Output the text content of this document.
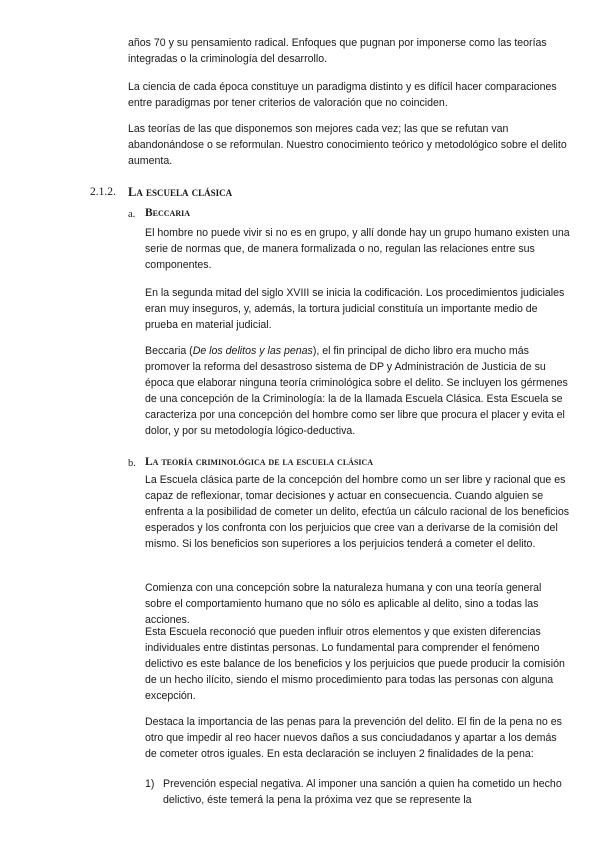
años 70 y su pensamiento radical. Enfoques que pugnan por imponerse como las teorías integradas o la criminología del desarrollo.

La ciencia de cada época constituye un paradigma distinto y es difícil hacer comparaciones entre paradigmas por tener criterios de valoración que no coinciden.

Las teorías de las que disponemos son mejores cada vez; las que se refutan van abandonándose o se reformulan. Nuestro conocimiento teórico y metodológico sobre el delito aumenta.

2.1.2. La escuela clásica
a. Beccaria

El hombre no puede vivir si no es en grupo, y allí donde hay un grupo humano existen una serie de normas que, de manera formalizada o no, regulan las relaciones entre sus componentes.

En la segunda mitad del siglo XVIII se inicia la codificación. Los procedimientos judiciales eran muy inseguros, y, además, la tortura judicial constituía un importante medio de prueba en material judicial.

Beccaria (De los delitos y las penas), el fin principal de dicho libro era mucho más promover la reforma del desastroso sistema de DP y Administración de Justicia de su época que elaborar ninguna teoría criminológica sobre el delito. Se incluyen los gérmenes de una concepción de la Criminología: la de la llamada Escuela Clásica. Esta Escuela se caracteriza por una concepción del hombre como ser libre que procura el placer y evita el dolor, y por su metodología lógico-deductiva.

b. La teoría criminológica de la escuela clásica

La Escuela clásica parte de la concepción del hombre como un ser libre y racional que es capaz de reflexionar, tomar decisiones y actuar en consecuencia. Cuando alguien se enfrenta a la posibilidad de cometer un delito, efectúa un cálculo racional de los beneficios esperados y los confronta con los perjuicios que cree van a derivarse de la comisión del mismo. Si los beneficios son superiores a los perjuicios tenderá a cometer el delito.

Comienza con una concepción sobre la naturaleza humana y con una teoría general sobre el comportamiento humano que no sólo es aplicable al delito, sino a todas las acciones.

Esta Escuela reconoció que pueden influir otros elementos y que existen diferencias individuales entre distintas personas. Lo fundamental para comprender el fenómeno delictivo es este balance de los beneficios y los perjuicios que puede producir la comisión de un hecho ilícito, siendo el mismo procedimiento para todas las personas con alguna excepción.

Destaca la importancia de las penas para la prevención del delito. El fin de la pena no es otro que impedir al reo hacer nuevos daños a sus conciudadanos y apartar a los demás de cometer otros iguales. En esta declaración se incluyen 2 finalidades de la pena:

1) Prevención especial negativa. Al imponer una sanción a quien ha cometido un hecho delictivo, éste temerá la pena la próxima vez que se represente la
